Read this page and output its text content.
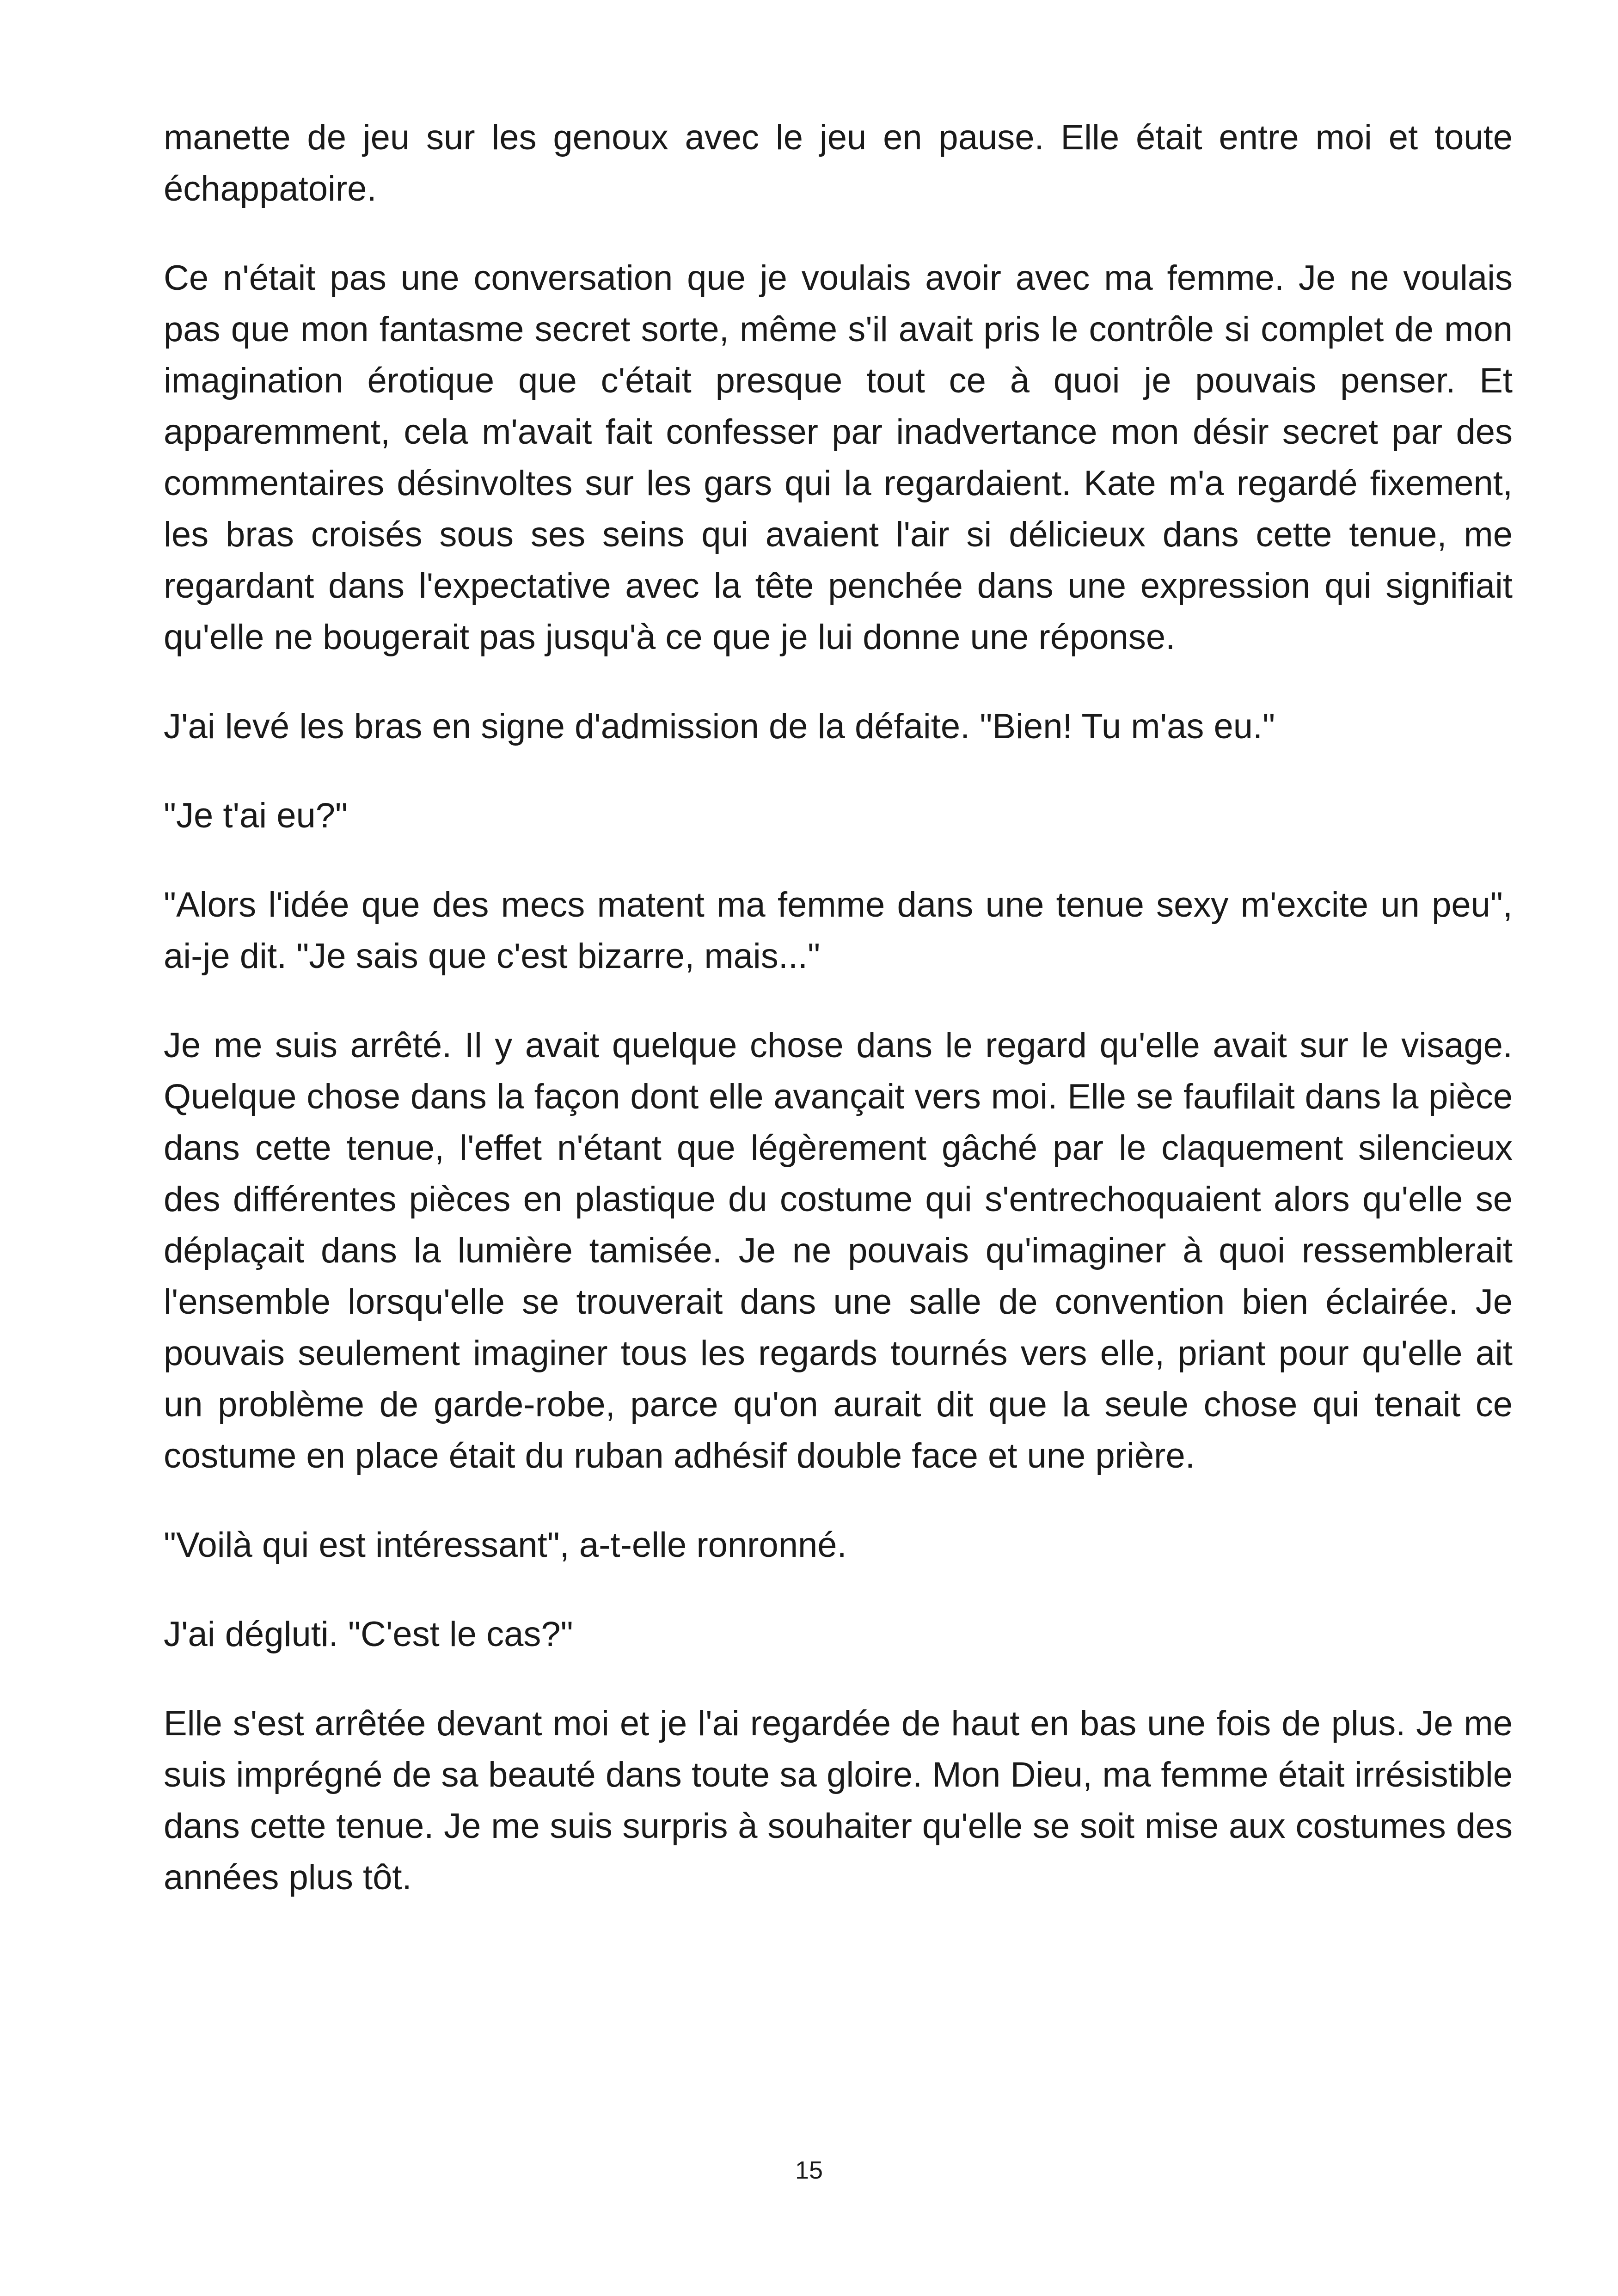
manette de jeu sur les genoux avec le jeu en pause. Elle était entre moi et toute échappatoire.

Ce n'était pas une conversation que je voulais avoir avec ma femme. Je ne voulais pas que mon fantasme secret sorte, même s'il avait pris le contrôle si complet de mon imagination érotique que c'était presque tout ce à quoi je pouvais penser. Et apparemment, cela m'avait fait confesser par inadvertance mon désir secret par des commentaires désinvoltes sur les gars qui la regardaient. Kate m'a regardé fixement, les bras croisés sous ses seins qui avaient l'air si délicieux dans cette tenue, me regardant dans l'expectative avec la tête penchée dans une expression qui signifiait qu'elle ne bougerait pas jusqu'à ce que je lui donne une réponse.

J'ai levé les bras en signe d'admission de la défaite. "Bien! Tu m'as eu."

"Je t'ai eu?"

"Alors l'idée que des mecs matent ma femme dans une tenue sexy m'excite un peu", ai-je dit. "Je sais que c'est bizarre, mais..."

Je me suis arrêté. Il y avait quelque chose dans le regard qu'elle avait sur le visage. Quelque chose dans la façon dont elle avançait vers moi. Elle se faufilait dans la pièce dans cette tenue, l'effet n'étant que légèrement gâché par le claquement silencieux des différentes pièces en plastique du costume qui s'entrechoquaient alors qu'elle se déplaçait dans la lumière tamisée. Je ne pouvais qu'imaginer à quoi ressemblerait l'ensemble lorsqu'elle se trouverait dans une salle de convention bien éclairée. Je pouvais seulement imaginer tous les regards tournés vers elle, priant pour qu'elle ait un problème de garde-robe, parce qu'on aurait dit que la seule chose qui tenait ce costume en place était du ruban adhésif double face et une prière.

"Voilà qui est intéressant", a-t-elle ronronné.

J'ai dégluti. "C'est le cas?"

Elle s'est arrêtée devant moi et je l'ai regardée de haut en bas une fois de plus. Je me suis imprégné de sa beauté dans toute sa gloire. Mon Dieu, ma femme était irrésistible dans cette tenue. Je me suis surpris à souhaiter qu'elle se soit mise aux costumes des années plus tôt.

15
